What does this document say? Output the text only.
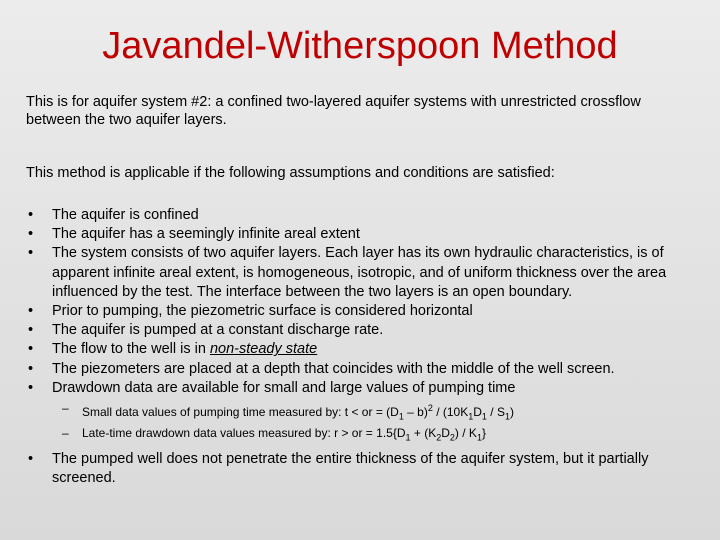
Javandel-Witherspoon Method
This is for aquifer system #2: a confined two-layered aquifer systems with unrestricted crossflow between the two aquifer layers.
This method is applicable if the following assumptions and conditions are satisfied:
• The aquifer is confined
• The aquifer has a seemingly infinite areal extent
• The system consists of two aquifer layers. Each layer has its own hydraulic characteristics, is of apparent infinite areal extent, is homogeneous, isotropic, and of uniform thickness over the area influenced by the test. The interface between the two layers is an open boundary.
• Prior to pumping, the piezometric surface is considered horizontal
• The aquifer is pumped at a constant discharge rate.
• The flow to the well is in non-steady state
• The piezometers are placed at a depth that coincides with the middle of the well screen.
• Drawdown data are available for small and large values of pumping time
– Small data values of pumping time measured by: t < or = $(D_1 - b)^2 / (10K_1D_1 / S_1)$
– Late-time drawdown data values measured by: r > or = $1.5\{D_1 + (K_2D_2) / K_1\}$
• The pumped well does not penetrate the entire thickness of the aquifer system, but it partially screened.
